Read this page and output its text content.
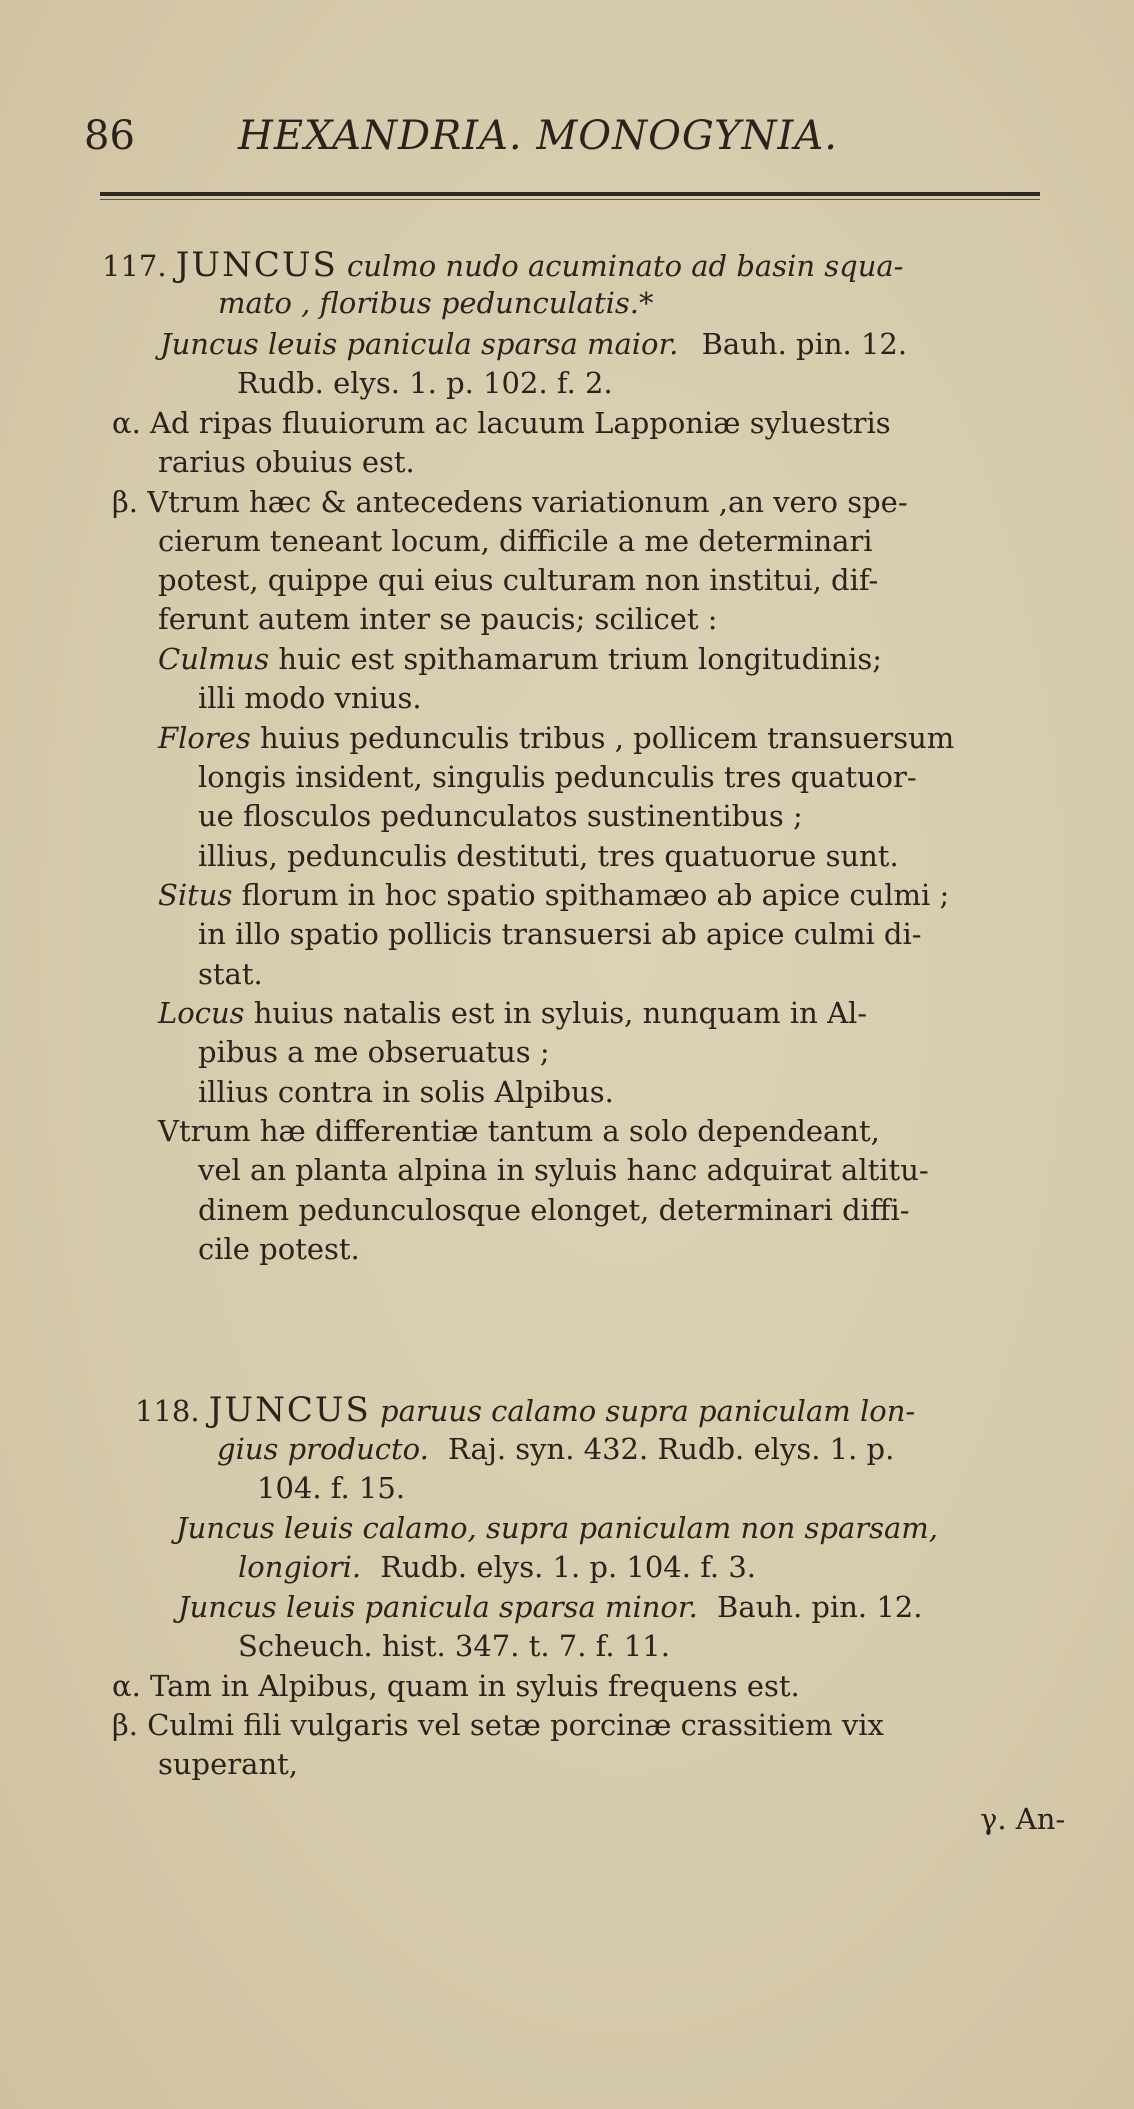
86	HEXANDRIA. MONOGYNIA.
117. JUNCUS culmo nudo acuminato ad basin squa-
mato , floribus pedunculatis.*
Juncus leuis panicula sparsa maior. Bauh. pin. 12.
Rudb. elys. 1. p. 102. f. 2.
α. Ad ripas fluuiorum ac lacuum Lapponiæ syluestris
rarius obuius est.
β. Vtrum hæc & antecedens variationum ,an vero spe-
cierum teneant locum, difficile a me determinari
potest, quippe qui eius culturam non institui, dif-
ferunt autem inter se paucis; scilicet :
Culmus huic est spithamarum trium longitudinis;
illi modo vnius.
Flores huius pedunculis tribus , pollicem transuersum
longis insident, singulis pedunculis tres quatuor-
ue flosculos pedunculatos sustinentibus ;
illius, pedunculis destituti, tres quatuorue sunt.
Situs florum in hoc spatio spithamæo ab apice culmi ;
in illo spatio pollicis transuersi ab apice culmi di-
stat.
Locus huius natalis est in syluis, nunquam in Al-
pibus a me obseruatus ;
illius contra in solis Alpibus.
Vtrum hæ differentiæ tantum a solo dependeant,
vel an planta alpina in syluis hanc adquirat altitu-
dinem pedunculosque elonget, determinari diffi-
cile potest.
118. JUNCUS paruus calamo supra paniculam lon-
gius producto. Raj. syn. 432. Rudb. elys. 1. p.
104. f. 15.
Juncus leuis calamo, supra paniculam non sparsam,
longiori. Rudb. elys. 1. p. 104. f. 3.
Juncus leuis panicula sparsa minor. Bauh. pin. 12.
Scheuch. hist. 347. t. 7. f. 11.
α. Tam in Alpibus, quam in syluis frequens est.
β. Culmi fili vulgaris vel setæ porcinæ crassitiem vix
superant,
γ. An-
